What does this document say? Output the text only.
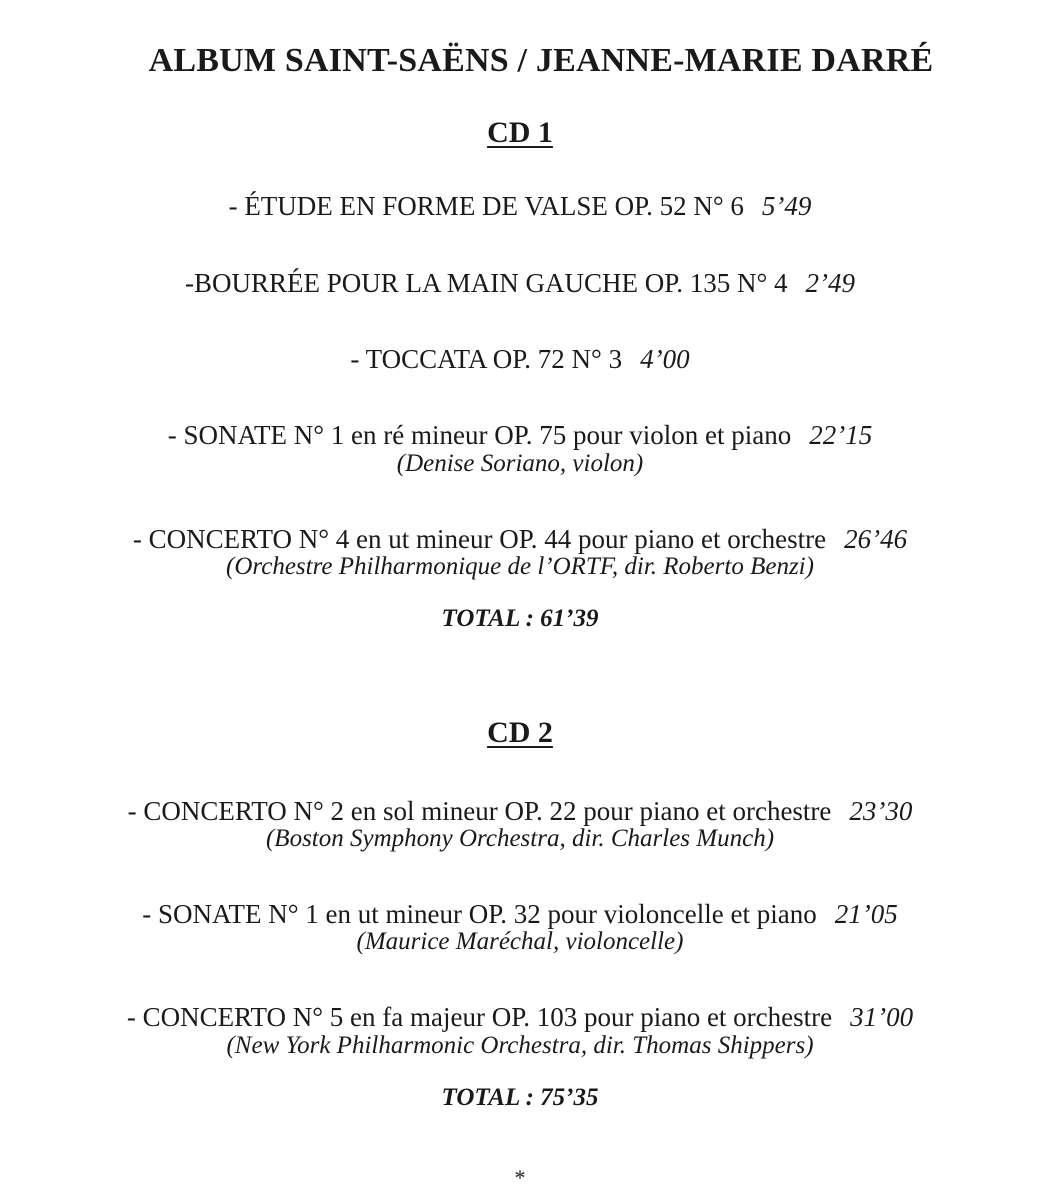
ALBUM SAINT-SAËNS / JEANNE-MARIE DARRÉ
CD 1
- ÉTUDE EN FORME DE VALSE OP. 52 N° 6 5’49
-BOURRÉE POUR LA MAIN GAUCHE OP. 135 N° 4 2’49
- TOCCATA OP. 72 N° 3 4’00
- SONATE N° 1 en ré mineur OP. 75 pour violon et piano 22’15
(Denise Soriano, violon)
- CONCERTO N° 4 en ut mineur OP. 44 pour piano et orchestre 26’46
(Orchestre Philharmonique de l’ORTF, dir. Roberto Benzi)
TOTAL : 61’39
CD 2
- CONCERTO N° 2 en sol mineur OP. 22 pour piano et orchestre 23’30
(Boston Symphony Orchestra, dir. Charles Munch)
- SONATE N° 1 en ut mineur OP. 32 pour violoncelle et piano 21’05
(Maurice Maréchal, violoncelle)
- CONCERTO N° 5 en fa majeur OP. 103 pour piano et orchestre 31’00
(New York Philharmonic Orchestra, dir. Thomas Shippers)
TOTAL : 75’35
*
